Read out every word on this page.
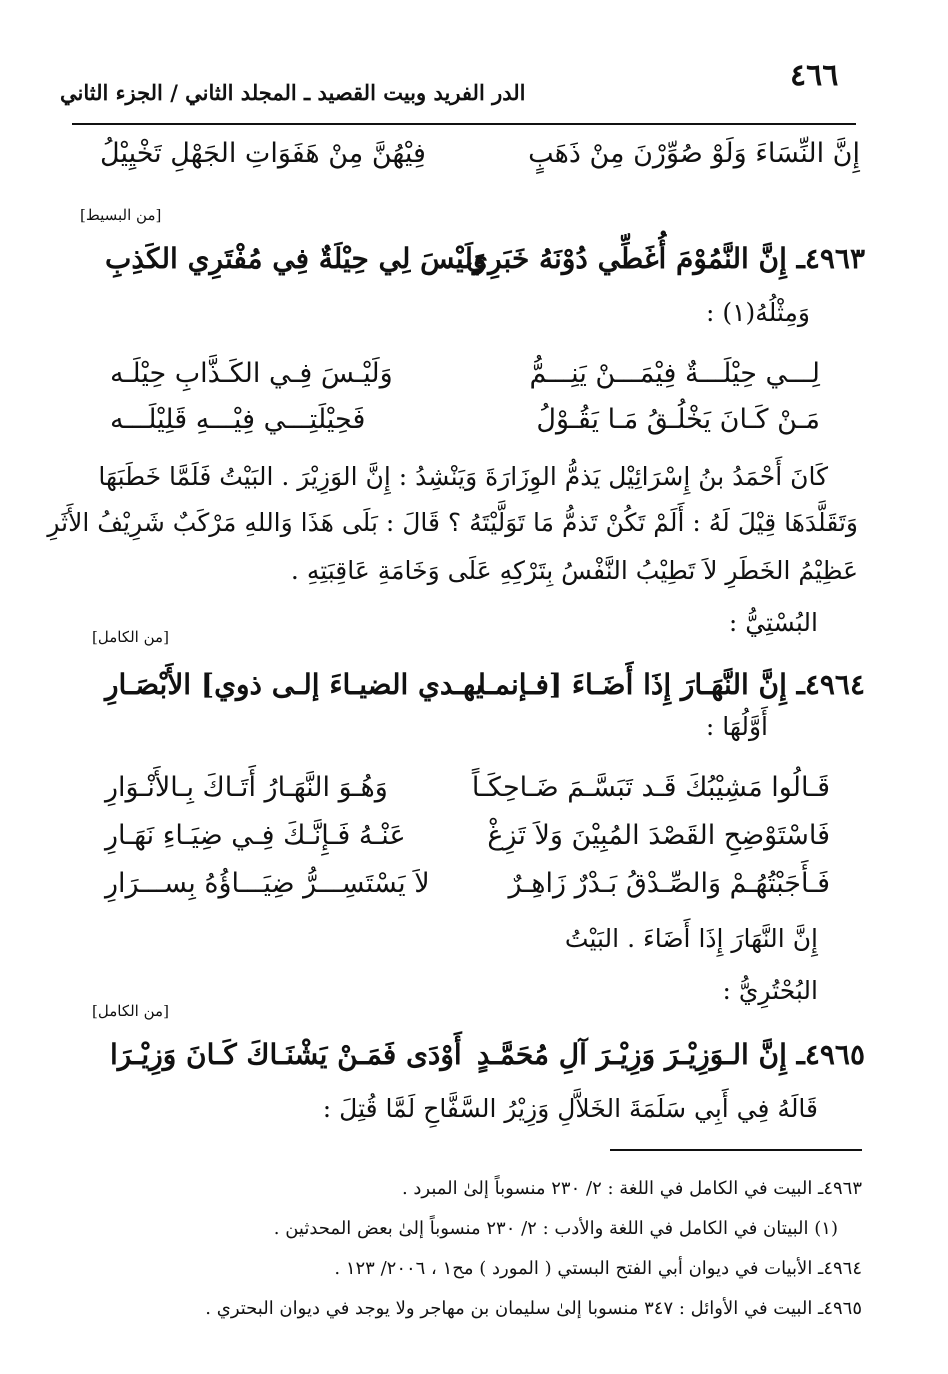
٤٦٦
الدر الفريد وبيت القصيد ـ المجلد الثاني / الجزء الثاني
إِنَّ النِّسَاءَ وَلَوْ صُوِّرْنَ مِنْ ذَهَبٍ
فِيْهُنَّ مِنْ هَفَوَاتِ الجَهْلِ تَخْيِيْلُ
[من البسيط]
٤٩٦٣ـ إِنَّ النَّمُوْمَ أُغَطِّي دُوْنَهُ خَبَرِي
وَلَيْسَ لِي حِيْلَةٌ فِي مُفْتَرِي الكَذِبِ
وَمِثْلُهُ(١) :
لِـــي حِيْلَـــةٌ فِيْمَـــنْ يَنِـــمُّ
وَلَيْـسَ فِـي الكَـذَّابِ حِيْلَـه
مَـنْ كَـانَ يَخْلُـقُ مَـا يَقُـوْلُ
فَحِيْلَتِـــي فِيْـــهِ قَلِيْلَـــه
كَانَ أَحْمَدُ بنُ إِسْرَائِيْل يَذمُّ الوِزَارَةَ وَيَنْشِدُ : إِنَّ الوَزِيْرَ . البَيْتُ فَلَمَّا خَطَبَهَا
وَتَقَلَّدَهَا قِيْلَ لَهُ : أَلَمْ تَكُنْ تَذمُّ مَا تَوَلَّيْتَهُ ؟ قَالَ : بَلَى هَذَا وَاللهِ مَرْكَبٌ شَرِيْفُ الأَثَرِ
عَظِيْمُ الخَطَرِ لاَ تَطِيْبُ النَّفْسُ بِتَرْكِهِ عَلَى وَخَامَةِ عَاقِبَتِهِ .
البُسْتِيُّ :
[من الكامل]
٤٩٦٤ـ إِنَّ النَّهَـارَ إِذَا أَضَـاءَ [فـإنمـا
يهـدي الضيـاءَ إلـى ذوي] الأَبْصَـارِ
أَوَّلُهَا :
قَـالُوا مَشِيْبُكَ قَـد تَبَسَّـمَ ضَـاحِكَـاً
وَهُـوَ النَّهَـارُ أَتَـاكَ بِـالأَنْـوَارِ
فَاسْتَوْضِحِ القَصْدَ المُبِيْنَ وَلاَ تَزِغْ
عَنْـهُ فَـإِنَّـكَ فِـي ضِيَـاءِ نَهَـارِ
فَـأَجَبْتُهُـمْ وَالصِّـدْقُ بَـدْرٌ زَاهِـرٌ
لاَ يَسْتَسِـــرُّ ضِيَـــاؤُهُ بِســـرَارِ
إِنَّ النَّهَارَ إِذَا أَضَاءَ . البَيْتُ
البُحْتُرِيُّ :
[من الكامل]
٤٩٦٥ـ إِنَّ الـوَزِيْـرَ وَزِيْـرَ آلِ مُحَمَّـدٍ
أَوْدَى فَمَـنْ يَشْنَـاكَ كَـانَ وَزِيْـرَا
قَالَهُ فِي أَبِي سَلَمَةَ الخَلاَّلِ وَزِيْرُ السَّفَّاحِ لَمَّا قُتِلَ :
٤٩٦٣ـ البيت في الكامل في اللغة : ٢/ ٢٣٠ منسوباً إلىٰ المبرد .
(١) البيتان في الكامل في اللغة والأدب : ٢/ ٢٣٠ منسوباً إلىٰ بعض المحدثين .
٤٩٦٤ـ الأبيات في ديوان أبي الفتح البستي ( المورد ) مح١ ، ٢٠٠٦/ ١٢٣ .
٤٩٦٥ـ البيت في الأوائل : ٣٤٧ منسوبا إلىٰ سليمان بن مهاجر ولا يوجد في ديوان البحتري .
